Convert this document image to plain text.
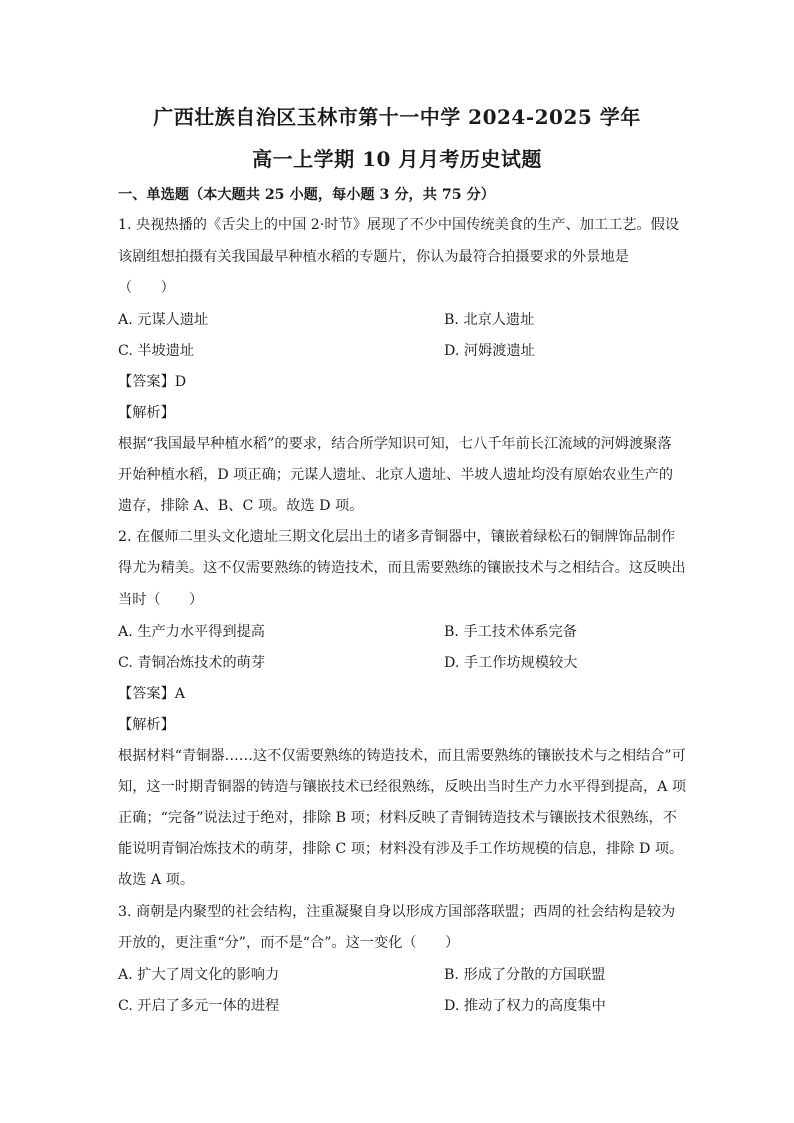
广西壮族自治区玉林市第十一中学 2024-2025 学年
高一上学期 10 月月考历史试题
一、单选题（本大题共 25 小题，每小题 3 分，共 75 分）
1. 央视热播的《舌尖上的中国 2·时节》展现了不少中国传统美食的生产、加工工艺。假设
该剧组想拍摄有关我国最早种植水稻的专题片，你认为最符合拍摄要求的外景地是
（　　）
A. 元谋人遗址	B. 北京人遗址
C. 半坡遗址	D. 河姆渡遗址
【答案】D
【解析】
根据“我国最早种植水稻”的要求，结合所学知识可知，七八千年前长江流域的河姆渡聚落
开始种植水稻，D 项正确；元谋人遗址、北京人遗址、半坡人遗址均没有原始农业生产的
遗存，排除 A、B、C 项。故选 D 项。
2. 在偃师二里头文化遗址三期文化层出土的诸多青铜器中，镶嵌着绿松石的铜牌饰品制作
得尤为精美。这不仅需要熟练的铸造技术，而且需要熟练的镶嵌技术与之相结合。这反映出
当时（　　）
A. 生产力水平得到提高	B. 手工技术体系完备
C. 青铜冶炼技术的萌芽	D. 手工作坊规模较大
【答案】A
【解析】
根据材料“青铜器……这不仅需要熟练的铸造技术，而且需要熟练的镶嵌技术与之相结合”可
知，这一时期青铜器的铸造与镶嵌技术已经很熟练，反映出当时生产力水平得到提高，A 项
正确；“完备”说法过于绝对，排除 B 项；材料反映了青铜铸造技术与镶嵌技术很熟练，不
能说明青铜冶炼技术的萌芽，排除 C 项；材料没有涉及手工作坊规模的信息，排除 D 项。
故选 A 项。
3. 商朝是内聚型的社会结构，注重凝聚自身以形成方国部落联盟；西周的社会结构是较为
开放的，更注重“分”，而不是“合”。这一变化（　　）
A. 扩大了周文化的影响力	B. 形成了分散的方国联盟
C. 开启了多元一体的进程	D. 推动了权力的高度集中
